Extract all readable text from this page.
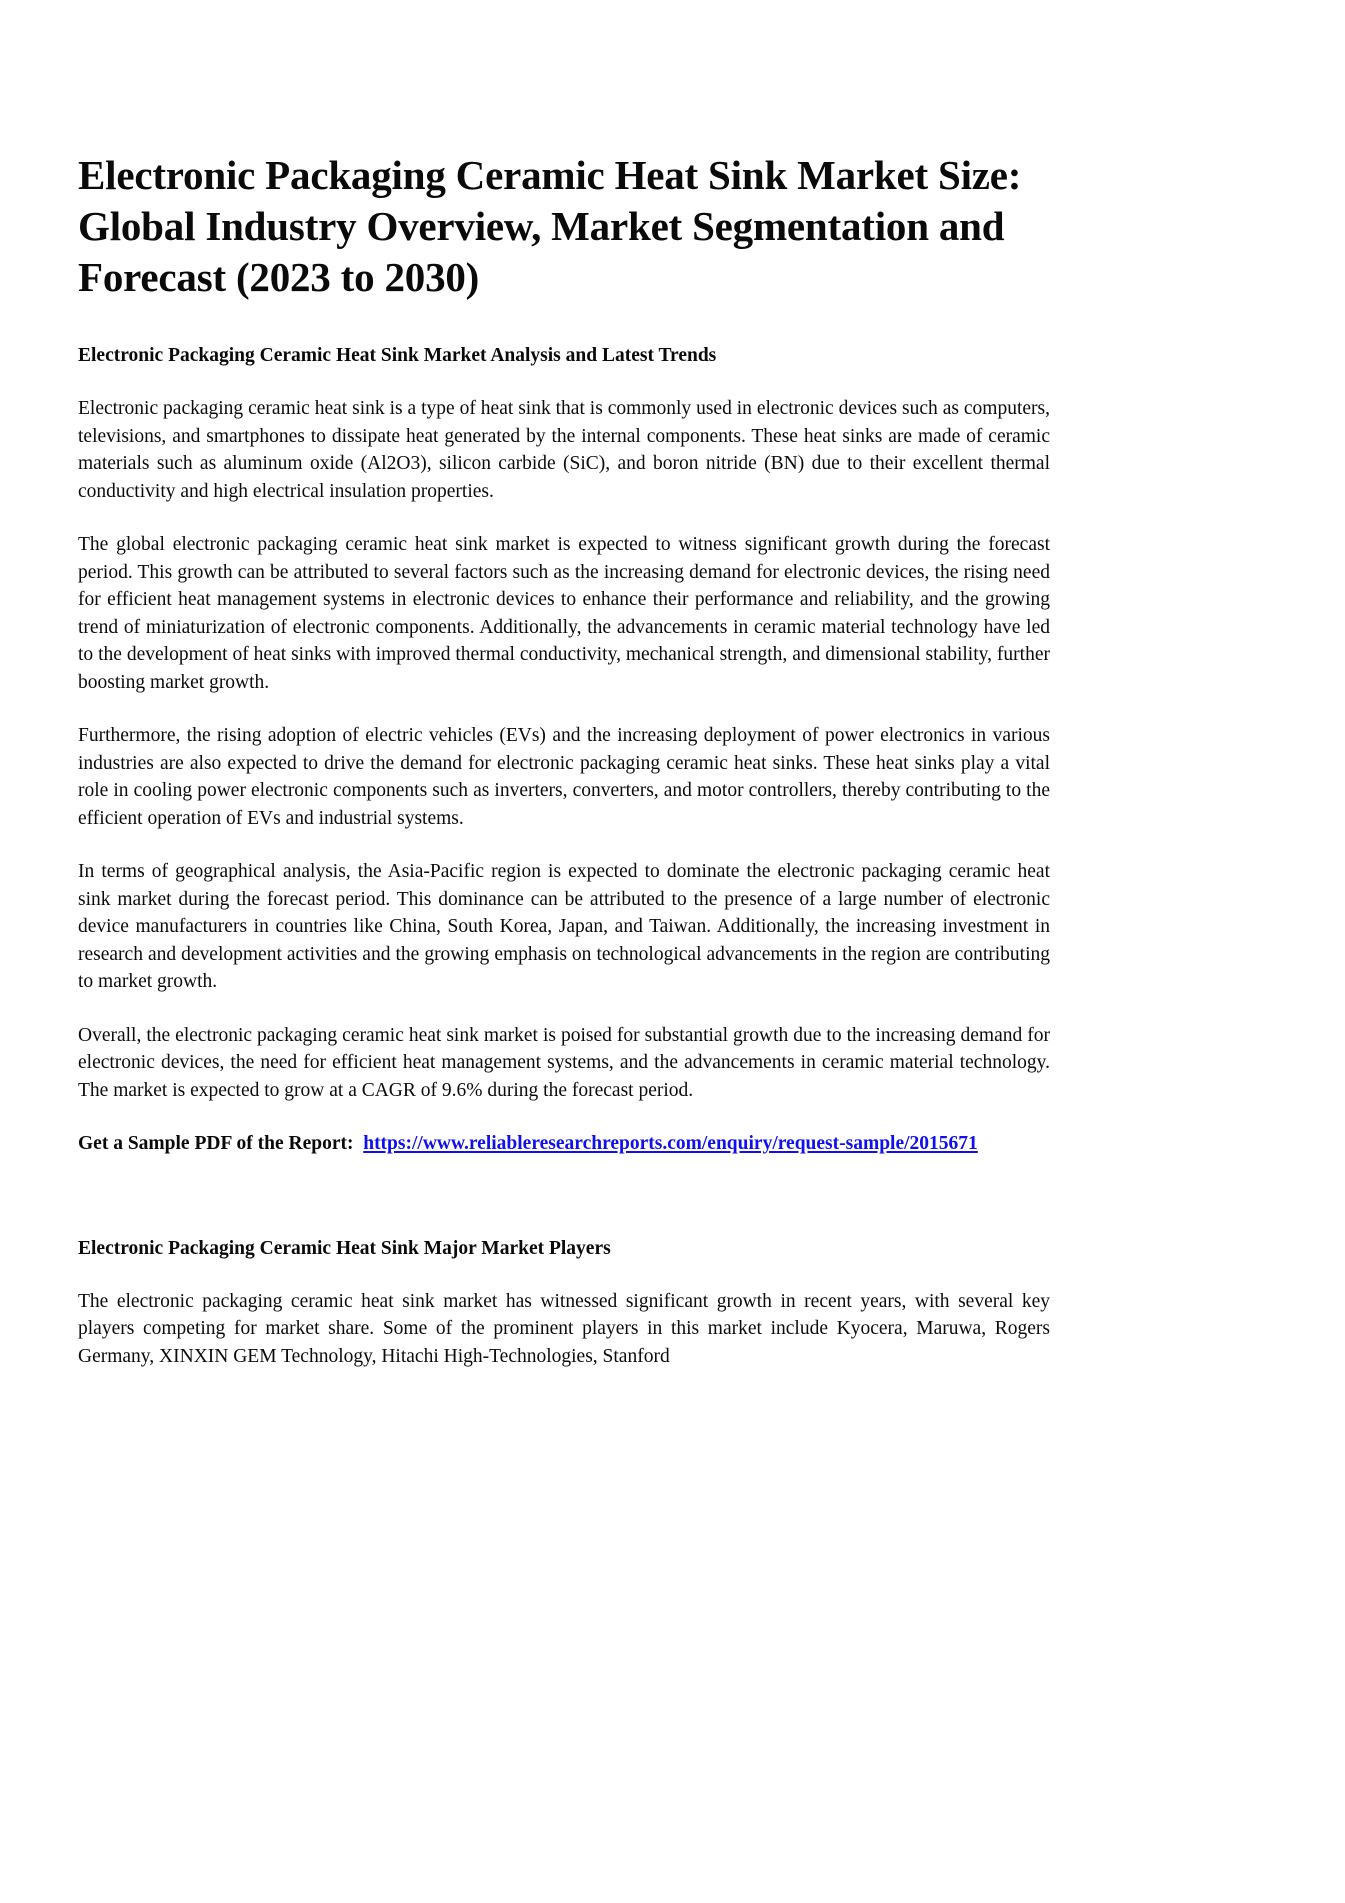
Electronic Packaging Ceramic Heat Sink Market Size: Global Industry Overview, Market Segmentation and Forecast (2023 to 2030)
Electronic Packaging Ceramic Heat Sink Market Analysis and Latest Trends

Electronic packaging ceramic heat sink is a type of heat sink that is commonly used in electronic devices such as computers, televisions, and smartphones to dissipate heat generated by the internal components. These heat sinks are made of ceramic materials such as aluminum oxide (Al2O3), silicon carbide (SiC), and boron nitride (BN) due to their excellent thermal conductivity and high electrical insulation properties.

The global electronic packaging ceramic heat sink market is expected to witness significant growth during the forecast period. This growth can be attributed to several factors such as the increasing demand for electronic devices, the rising need for efficient heat management systems in electronic devices to enhance their performance and reliability, and the growing trend of miniaturization of electronic components. Additionally, the advancements in ceramic material technology have led to the development of heat sinks with improved thermal conductivity, mechanical strength, and dimensional stability, further boosting market growth.

Furthermore, the rising adoption of electric vehicles (EVs) and the increasing deployment of power electronics in various industries are also expected to drive the demand for electronic packaging ceramic heat sinks. These heat sinks play a vital role in cooling power electronic components such as inverters, converters, and motor controllers, thereby contributing to the efficient operation of EVs and industrial systems.

In terms of geographical analysis, the Asia-Pacific region is expected to dominate the electronic packaging ceramic heat sink market during the forecast period. This dominance can be attributed to the presence of a large number of electronic device manufacturers in countries like China, South Korea, Japan, and Taiwan. Additionally, the increasing investment in research and development activities and the growing emphasis on technological advancements in the region are contributing to market growth.

Overall, the electronic packaging ceramic heat sink market is poised for substantial growth due to the increasing demand for electronic devices, the need for efficient heat management systems, and the advancements in ceramic material technology. The market is expected to grow at a CAGR of 9.6% during the forecast period.

Get a Sample PDF of the Report: https://www.reliableresearchreports.com/enquiry/request-sample/2015671

Electronic Packaging Ceramic Heat Sink Major Market Players

The electronic packaging ceramic heat sink market has witnessed significant growth in recent years, with several key players competing for market share. Some of the prominent players in this market include Kyocera, Maruwa, Rogers Germany, XINXIN GEM Technology, Hitachi High-Technologies, Stanford
